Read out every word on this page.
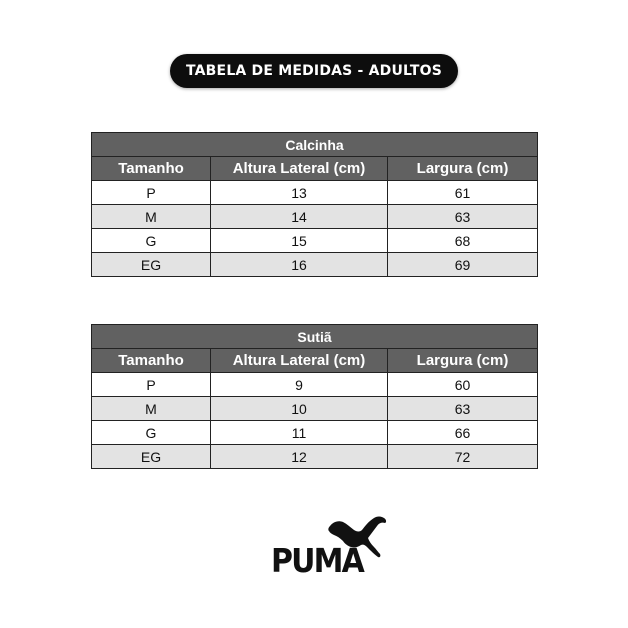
TABELA DE MEDIDAS - ADULTOS
Calcinha		
Tamanho	Altura Lateral (cm)	Largura (cm)
P	13	61
M	14	63
G	15	68
EG	16	69
Sutiã		
Tamanho	Altura Lateral (cm)	Largura (cm)
P	9	60
M	10	63
G	11	66
EG	12	72
PUMA
